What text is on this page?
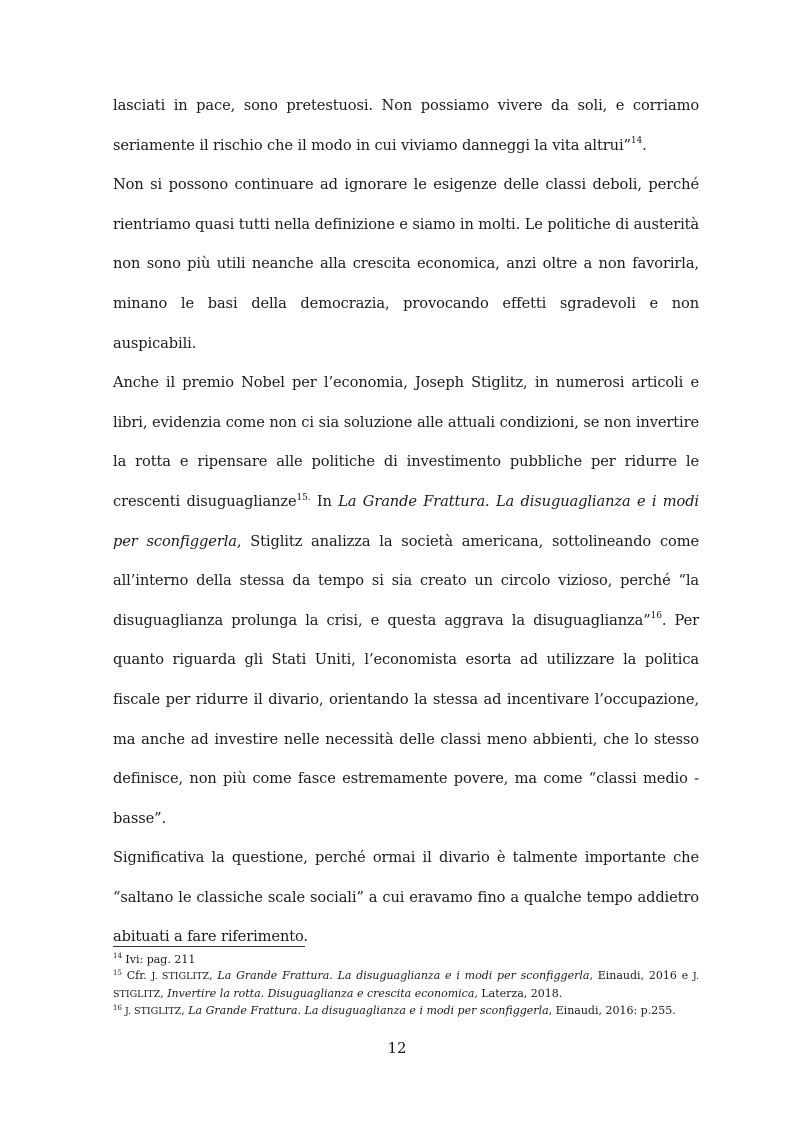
lasciati in pace, sono pretestuosi. Non possiamo vivere da soli, e corriamo seriamente il rischio che il modo in cui viviamo danneggi la vita altrui”$^{14}$.

Non si possono continuare ad ignorare le esigenze delle classi deboli, perché rientriamo quasi tutti nella definizione e siamo in molti. Le politiche di austerità non sono più utili neanche alla crescita economica, anzi oltre a non favorirla, minano le basi della democrazia, provocando effetti sgradevoli e non auspicabili.

Anche il premio Nobel per l’economia, Joseph Stiglitz, in numerosi articoli e libri, evidenzia come non ci sia soluzione alle attuali condizioni, se non invertire la rotta e ripensare alle politiche di investimento pubbliche per ridurre le crescenti disuguaglianze$^{15.}$ In La Grande Frattura. La disuguaglianza e i modi per sconfiggerla, Stiglitz analizza la società americana, sottolineando come all’interno della stessa da tempo si sia creato un circolo vizioso, perché “la disuguaglianza prolunga la crisi, e questa aggrava la disuguaglianza”$^{16}$. Per quanto riguarda gli Stati Uniti, l’economista esorta ad utilizzare la politica fiscale per ridurre il divario, orientando la stessa ad incentivare l’occupazione, ma anche ad investire nelle necessità delle classi meno abbienti, che lo stesso definisce, non più come fasce estremamente povere, ma come “classi medio -basse”.

Significativa la questione, perché ormai il divario è talmente importante che “saltano le classiche scale sociali” a cui eravamo fino a qualche tempo addietro abituati a fare riferimento.

$^{14}$ Ivi: pag. 211

$^{15}$ Cfr. J. STIGLITZ, La Grande Frattura. La disuguaglianza e i modi per sconfiggerla, Einaudi, 2016 e J. STIGLITZ, Invertire la rotta. Disuguaglianza e crescita economica, Laterza, 2018.

$^{16}$ J. STIGLITZ, La Grande Frattura. La disuguaglianza e i modi per sconfiggerla, Einaudi, 2016: p.255.

12
